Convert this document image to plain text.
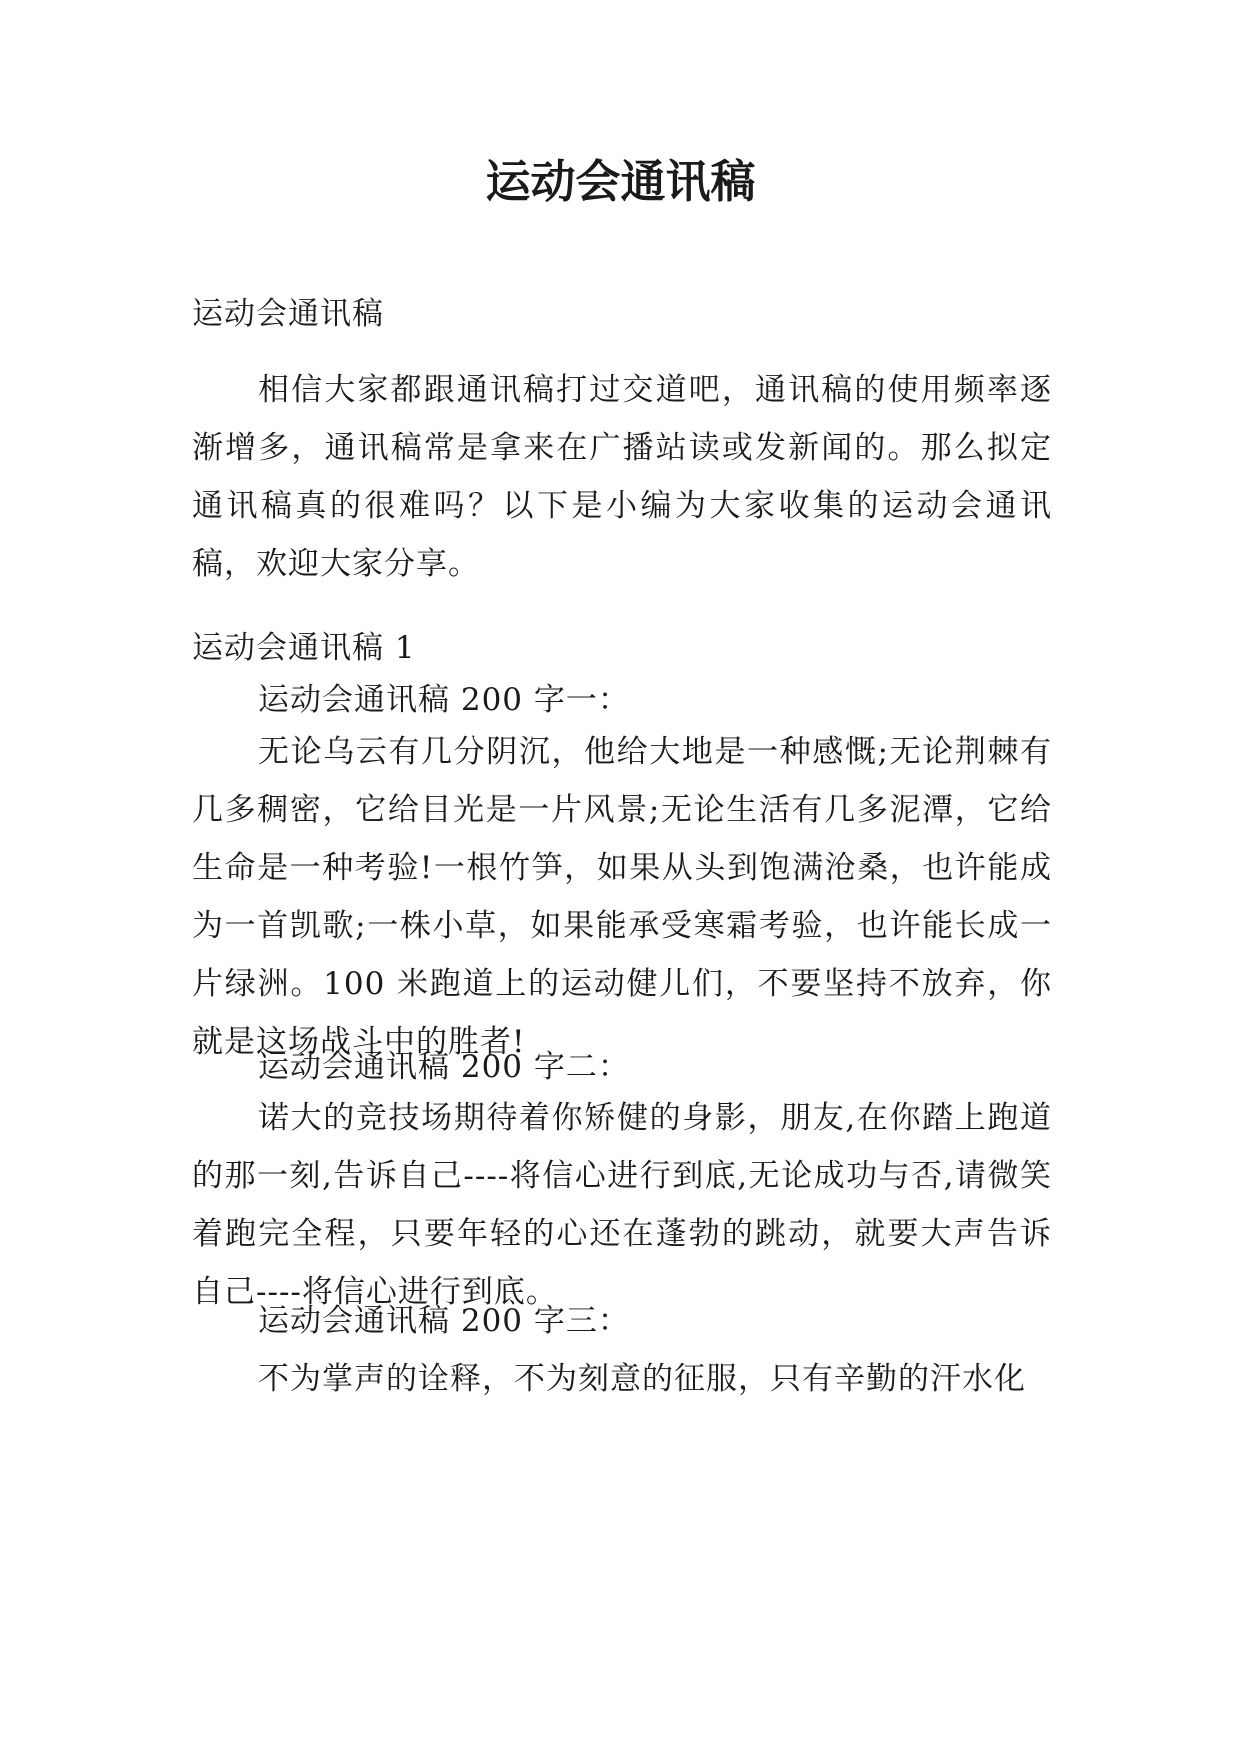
运动会通讯稿

运动会通讯稿

相信大家都跟通讯稿打过交道吧，通讯稿的使用频率逐渐增多，通讯稿常是拿来在广播站读或发新闻的。那么拟定通讯稿真的很难吗？以下是小编为大家收集的运动会通讯稿，欢迎大家分享。

运动会通讯稿 1

运动会通讯稿 200 字一：

无论乌云有几分阴沉，他给大地是一种感慨;无论荆棘有几多稠密，它给目光是一片风景;无论生活有几多泥潭，它给生命是一种考验!一根竹笋，如果从头到饱满沧桑，也许能成为一首凯歌;一株小草，如果能承受寒霜考验，也许能长成一片绿洲。100 米跑道上的运动健儿们，不要坚持不放弃，你就是这场战斗中的胜者!

运动会通讯稿 200 字二：

诺大的竞技场期待着你矫健的身影，朋友,在你踏上跑道的那一刻,告诉自己----将信心进行到底,无论成功与否,请微笑着跑完全程，只要年轻的心还在蓬勃的跳动，就要大声告诉自己----将信心进行到底。

运动会通讯稿 200 字三：

不为掌声的诠释，不为刻意的征服，只有辛勤的汗水化
